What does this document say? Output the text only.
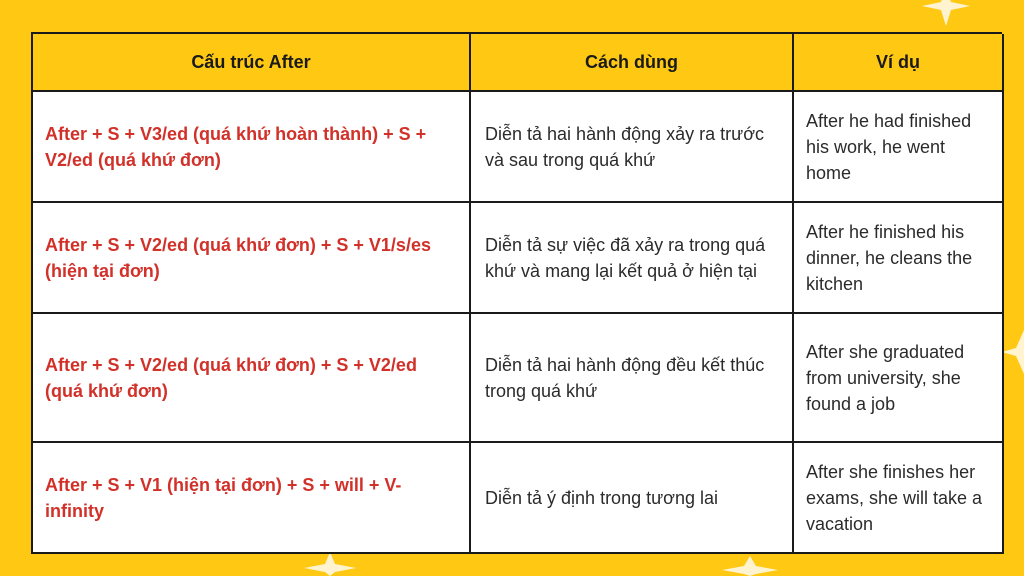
Cấu trúc After	Cách dùng	Ví dụ
After + S + V3/ed (quá khứ hoàn thành) + S + V2/ed (quá khứ đơn)
Diễn tả hai hành động xảy ra trước và sau trong quá khứ
After he had finished his work, he went home
After + S + V2/ed (quá khứ đơn) + S + V1/s/es (hiện tại đơn)
Diễn tả sự việc đã xảy ra trong quá khứ và mang lại kết quả ở hiện tại
After he finished his dinner, he cleans the kitchen
After + S + V2/ed (quá khứ đơn) + S + V2/ed (quá khứ đơn)
Diễn tả hai hành động đều kết thúc trong quá khứ
After she graduated from university, she found a job
After + S + V1 (hiện tại đơn) + S + will + V-infinity
Diễn tả ý định trong tương lai
After she finishes her exams, she will take a vacation
